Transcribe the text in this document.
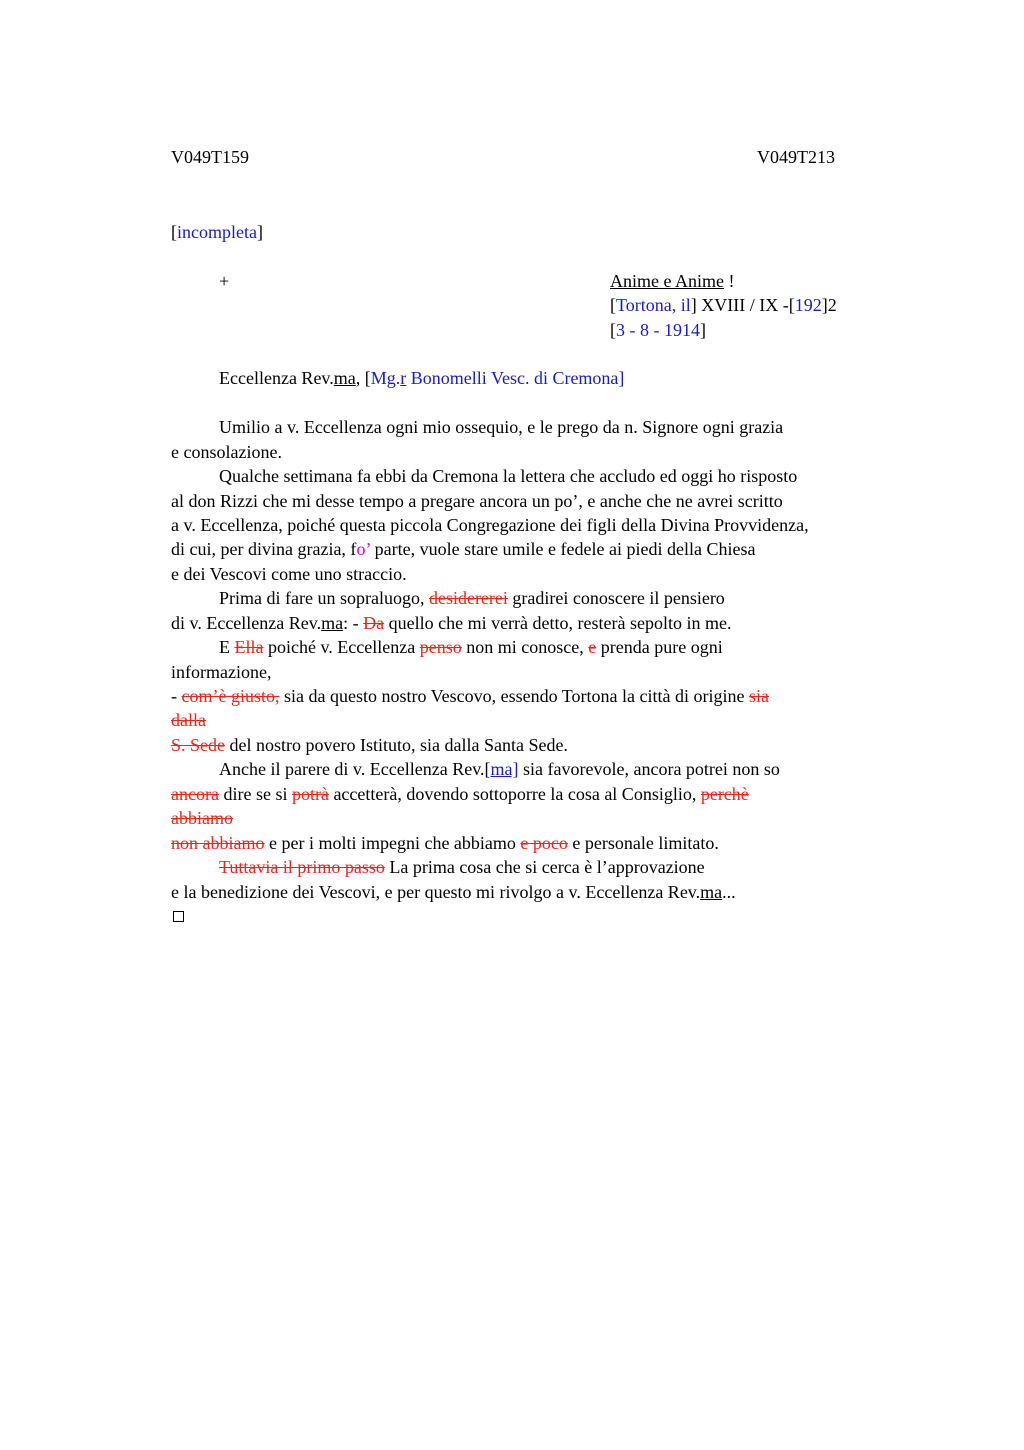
V049T159	V049T213
[incompleta]
+	Anime e Anime !
[Tortona, il] XVIII / IX -[192]2
[3 - 8 - 1914]
Eccellenza Rev.ma, [Mg.r Bonomelli Vesc. di Cremona]
Umilio a v. Eccellenza ogni mio ossequio, e le prego da n. Signore ogni grazia
e consolazione.
Qualche settimana fa ebbi da Cremona la lettera che accludo ed oggi ho risposto
al don Rizzi che mi desse tempo a pregare ancora un po’, e anche che ne avrei scritto
a v. Eccellenza, poiché questa piccola Congregazione dei figli della Divina Provvidenza,
di cui, per divina grazia, fo’ parte, vuole stare umile e fedele ai piedi della Chiesa
e dei Vescovi come uno straccio.
Prima di fare un sopraluogo, desidererei gradirei conoscere il pensiero
di v. Eccellenza Rev.ma: - Da quello che mi verrà detto, resterà sepolto in me.
E Ella poiché v. Eccellenza penso non mi conosce, e prenda pure ogni
informazione,
- com’è giusto, sia da questo nostro Vescovo, essendo Tortona la città di origine sia
dalla
S. Sede del nostro povero Istituto, sia dalla Santa Sede.
Anche il parere di v. Eccellenza Rev.[ma] sia favorevole, ancora potrei non so
ancora dire se si potrà accetterà, dovendo sottoporre la cosa al Consiglio, perchè
abbiamo
non abbiamo e per i molti impegni che abbiamo e poco e personale limitato.
Tuttavia il primo passo La prima cosa che si cerca è l’approvazione
e la benedizione dei Vescovi, e per questo mi rivolgo a v. Eccellenza Rev.ma...
